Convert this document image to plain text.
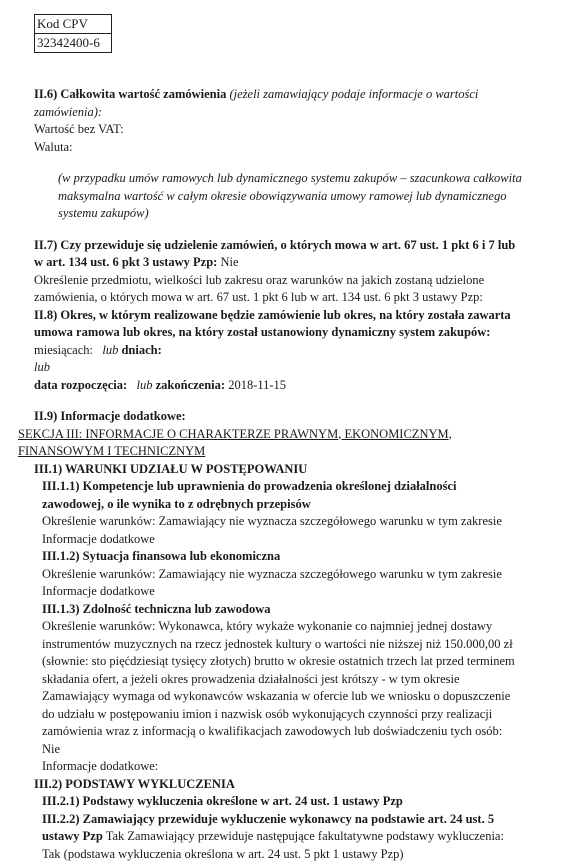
Kod CPV
32342400-6
II.6) Całkowita wartość zamówienia (jeżeli zamawiający podaje informacje o wartości
zamówienia):
Wartość bez VAT:
Waluta:
(w przypadku umów ramowych lub dynamicznego systemu zakupów – szacunkowa całkowita
maksymalna wartość w całym okresie obowiązywania umowy ramowej lub dynamicznego
systemu zakupów)
II.7) Czy przewiduje się udzielenie zamówień, o których mowa w art. 67 ust. 1 pkt 6 i 7 lub
w art. 134 ust. 6 pkt 3 ustawy Pzp: Nie
Określenie przedmiotu, wielkości lub zakresu oraz warunków na jakich zostaną udzielone
zamówienia, o których mowa w art. 67 ust. 1 pkt 6 lub w art. 134 ust. 6 pkt 3 ustawy Pzp:
II.8) Okres, w którym realizowane będzie zamówienie lub okres, na który została zawarta
umowa ramowa lub okres, na który został ustanowiony dynamiczny system zakupów:
miesiącach: lub dniach:
lub
data rozpoczęcia: lub zakończenia: 2018-11-15
II.9) Informacje dodatkowe:
SEKCJA III: INFORMACJE O CHARAKTERZE PRAWNYM, EKONOMICZNYM,
FINANSOWYM I TECHNICZNYM
III.1) WARUNKI UDZIAŁU W POSTĘPOWANIU
III.1.1) Kompetencje lub uprawnienia do prowadzenia określonej działalności
zawodowej, o ile wynika to z odrębnych przepisów
Określenie warunków: Zamawiający nie wyznacza szczegółowego warunku w tym zakresie
Informacje dodatkowe
III.1.2) Sytuacja finansowa lub ekonomiczna
Określenie warunków: Zamawiający nie wyznacza szczegółowego warunku w tym zakresie
Informacje dodatkowe
III.1.3) Zdolność techniczna lub zawodowa
Określenie warunków: Wykonawca, który wykaże wykonanie co najmniej jednej dostawy
instrumentów muzycznych na rzecz jednostek kultury o wartości nie niższej niż 150.000,00 zł
(słownie: sto pięćdziesiąt tysięcy złotych) brutto w okresie ostatnich trzech lat przed terminem
składania ofert, a jeżeli okres prowadzenia działalności jest krótszy - w tym okresie
Zamawiający wymaga od wykonawców wskazania w ofercie lub we wniosku o dopuszczenie
do udziału w postępowaniu imion i nazwisk osób wykonujących czynności przy realizacji
zamówienia wraz z informacją o kwalifikacjach zawodowych lub doświadczeniu tych osób:
Nie
Informacje dodatkowe:
III.2) PODSTAWY WYKLUCZENIA
III.2.1) Podstawy wykluczenia określone w art. 24 ust. 1 ustawy Pzp
III.2.2) Zamawiający przewiduje wykluczenie wykonawcy na podstawie art. 24 ust. 5
ustawy Pzp Tak Zamawiający przewiduje następujące fakultatywne podstawy wykluczenia:
Tak (podstawa wykluczenia określona w art. 24 ust. 5 pkt 1 ustawy Pzp)
